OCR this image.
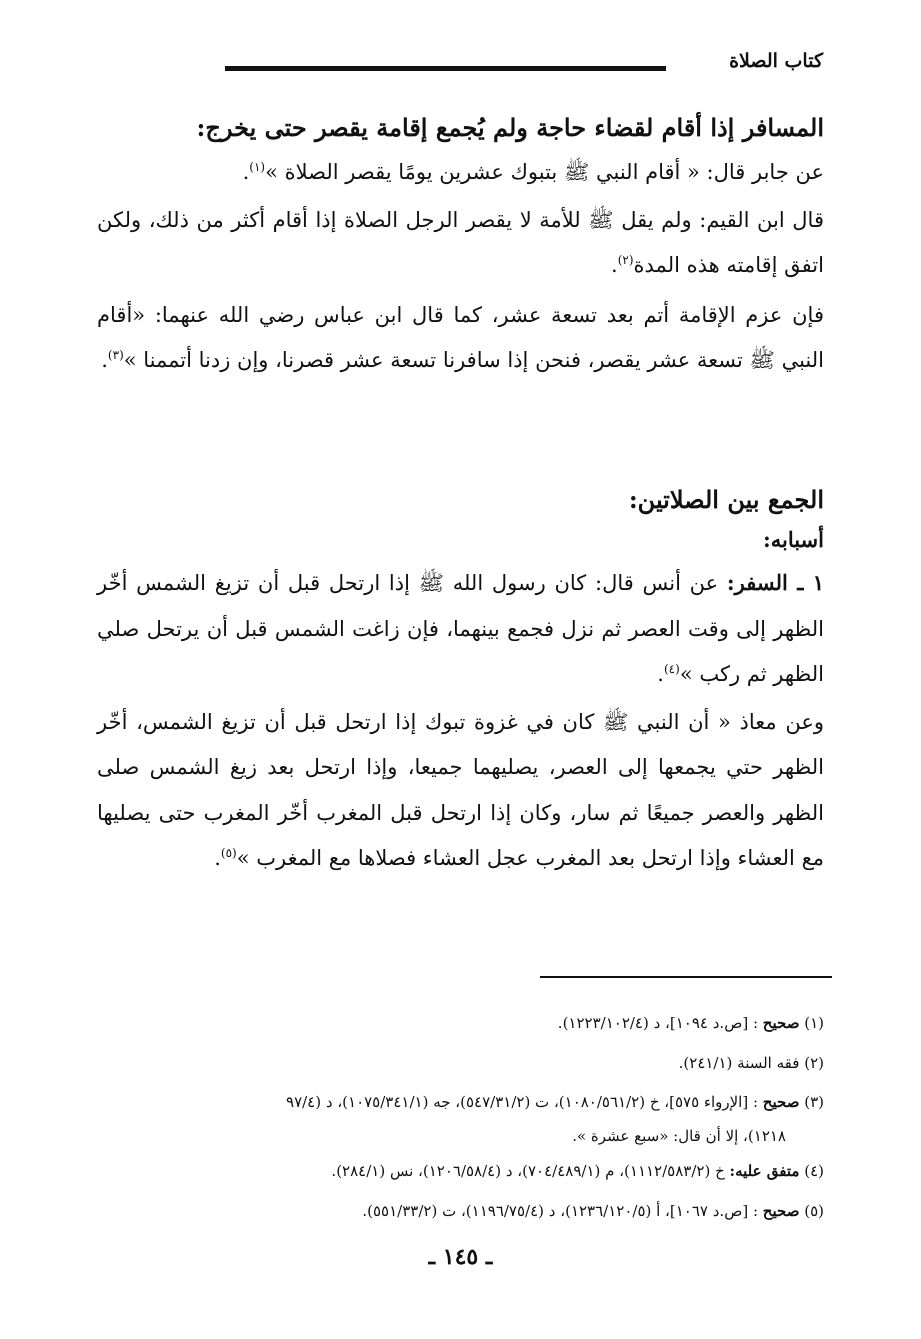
كتاب الصلاة
المسافر إذا أقام لقضاء حاجة ولم يُجمع إقامة يقصر حتى يخرج:

عن جابر قال: « أقام النبي ﷺ بتبوك عشرين يومًا يقصر الصلاة »$^{(١)}$.

قال ابن القيم: ولم يقل ﷺ للأمة لا يقصر الرجل الصلاة إذا أقام أكثر من ذلك، ولكن اتفق إقامته هذه المدة$^{(٢)}$.

فإن عزم الإقامة أتم بعد تسعة عشر، كما قال ابن عباس رضي الله عنهما: «أقام النبي ﷺ تسعة عشر يقصر، فنحن إذا سافرنا تسعة عشر قصرنا، وإن زدنا أتممنا »$^{(٣)}$.

الجمع بين الصلاتين:
أسبابه:

١ ـ السفر: عن أنس قال: كان رسول الله ﷺ إذا ارتحل قبل أن تزيغ الشمس أخّر الظهر إلى وقت العصر ثم نزل فجمع بينهما، فإن زاغت الشمس قبل أن يرتحل صلي الظهر ثم ركب »$^{(٤)}$.

وعن معاذ « أن النبي ﷺ كان في غزوة تبوك إذا ارتحل قبل أن تزيغ الشمس، أخّر الظهر حتي يجمعها إلى العصر، يصليهما جميعا، وإذا ارتحل بعد زيغ الشمس صلى الظهر والعصر جميعًا ثم سار، وكان إذا ارتحل قبل المغرب أخّر المغرب حتى يصليها مع العشاء وإذا ارتحل بعد المغرب عجل العشاء فصلاها مع المغرب »$^{(٥)}$.

(١) صحيح : [ص.د ١٠٩٤]، د (١٢٢٣/١٠٢/٤).

(٢) فقه السنة (٢٤١/١).

(٣) صحيح : [الإرواء ٥٧٥]، خ (١٠٨٠/٥٦١/٢)، ت (٥٤٧/٣١/٢)، جه (١٠٧٥/٣٤١/١)، د (٩٧/٤
١٢١٨)، إلا أن قال: «سبع عشرة ».

(٤) متفق عليه: خ (١١١٢/٥٨٣/٢)، م (٧٠٤/٤٨٩/١)، د (١٢٠٦/٥٨/٤)، نس (٢٨٤/١).

(٥) صحيح : [ص.د ١٠٦٧]، أ (١٢٣٦/١٢٠/٥)، د (١١٩٦/٧٥/٤)، ت (٥٥١/٣٣/٢).

ـ ١٤٥ ـ
